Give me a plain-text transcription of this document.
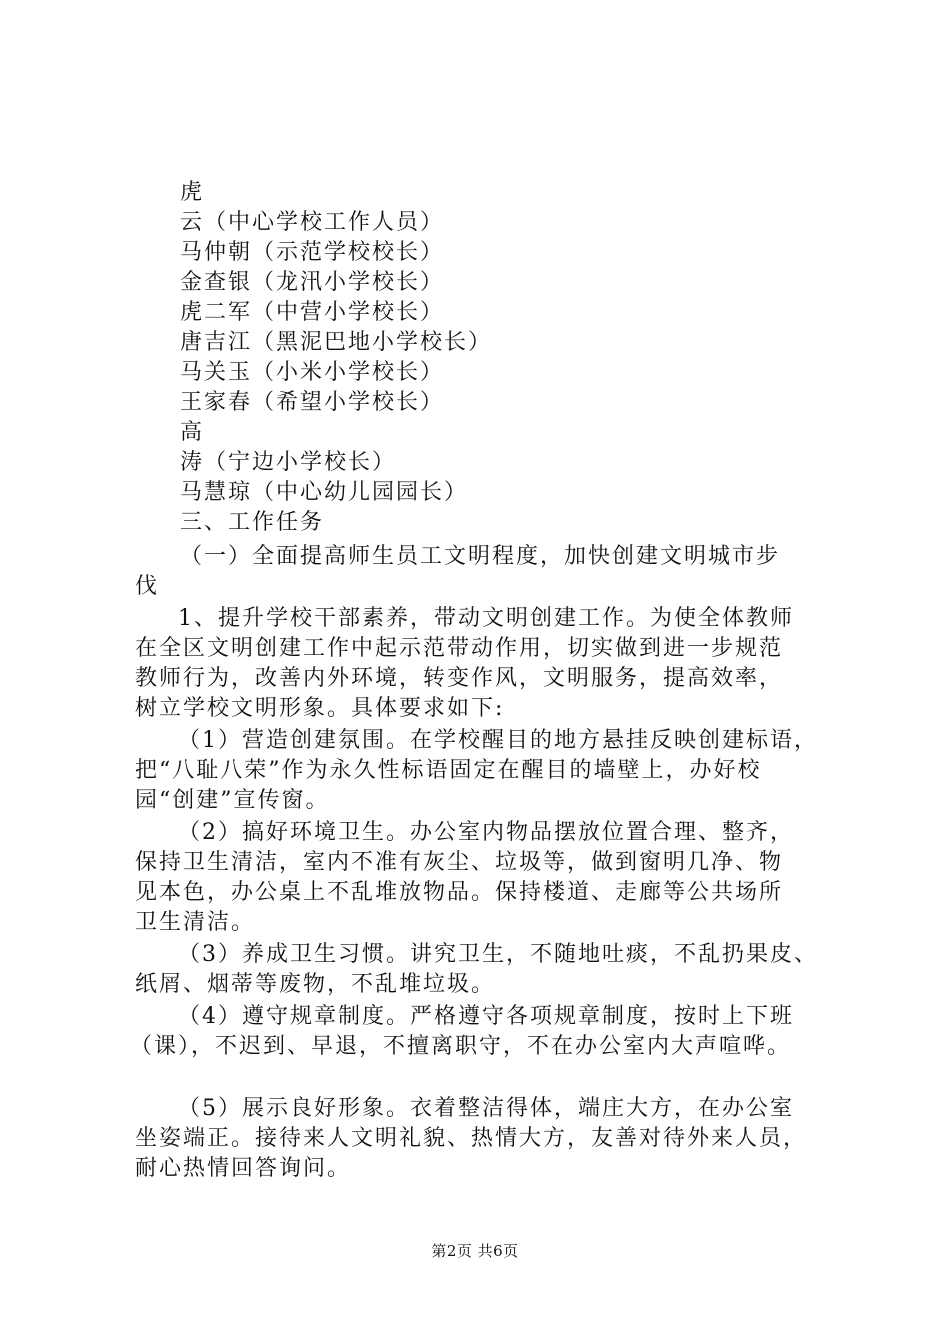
虎
云（中心学校工作人员）
马仲朝（示范学校校长）
金查银（龙汛小学校长）
虎二军（中营小学校长）
唐吉江（黑泥巴地小学校长）
马关玉（小米小学校长）
王家春（希望小学校长）
高
涛（宁边小学校长）
马慧琼（中心幼儿园园长）
三、工作任务
（一）全面提高师生员工文明程度，加快创建文明城市步
伐
1、提升学校干部素养，带动文明创建工作。为使全体教师
在全区文明创建工作中起示范带动作用，切实做到进一步规范
教师行为，改善内外环境，转变作风，文明服务，提高效率，
树立学校文明形象。具体要求如下:
（1）营造创建氛围。在学校醒目的地方悬挂反映创建标语，
把“八耻八荣”作为永久性标语固定在醒目的墙壁上，办好校
园“创建”宣传窗。
（2）搞好环境卫生。办公室内物品摆放位置合理、整齐，
保持卫生清洁，室内不准有灰尘、垃圾等，做到窗明几净、物
见本色，办公桌上不乱堆放物品。保持楼道、走廊等公共场所
卫生清洁。
（3）养成卫生习惯。讲究卫生，不随地吐痰，不乱扔果皮、
纸屑、烟蒂等废物，不乱堆垃圾。
（4）遵守规章制度。严格遵守各项规章制度，按时上下班
（课），不迟到、早退，不擅离职守，不在办公室内大声喧哗。
（5）展示良好形象。衣着整洁得体，端庄大方，在办公室
坐姿端正。接待来人文明礼貌、热情大方，友善对待外来人员，
耐心热情回答询问。
第2页 共6页
